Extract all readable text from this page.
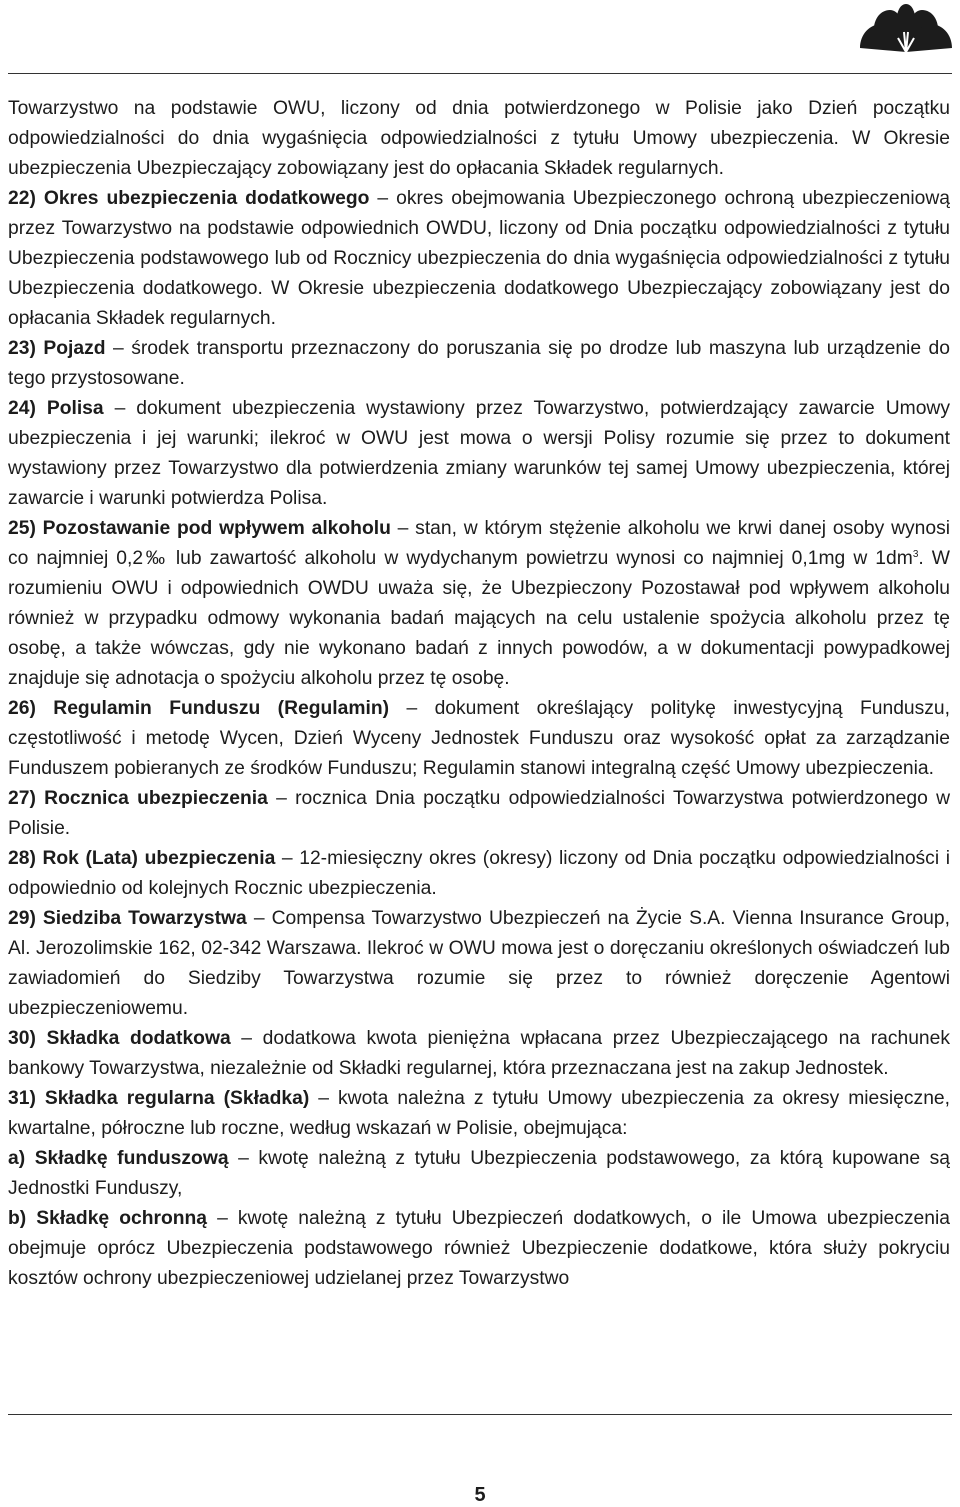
Towarzystwo na podstawie OWU, liczony od dnia potwierdzonego w Polisie jako Dzień początku odpowiedzialności do dnia wygaśnięcia odpowiedzialności z tytułu Umowy ubezpieczenia. W Okresie ubezpieczenia Ubezpieczający zobowiązany jest do opłacania Składek regularnych.

22) Okres ubezpieczenia dodatkowego – okres obejmowania Ubezpieczonego ochroną ubezpieczeniową przez Towarzystwo na podstawie odpowiednich OWDU, liczony od Dnia początku odpowiedzialności z tytułu Ubezpieczenia podstawowego lub od Rocznicy ubezpieczenia do dnia wygaśnięcia odpowiedzialności z tytułu Ubezpieczenia dodatkowego. W Okresie ubezpieczenia dodatkowego Ubezpieczający zobowiązany jest do opłacania Składek regularnych.

23) Pojazd – środek transportu przeznaczony do poruszania się po drodze lub maszyna lub urządzenie do tego przystosowane.

24) Polisa – dokument ubezpieczenia wystawiony przez Towarzystwo, potwierdzający zawarcie Umowy ubezpieczenia i jej warunki; ilekroć w OWU jest mowa o wersji Polisy rozumie się przez to dokument wystawiony przez Towarzystwo dla potwierdzenia zmiany warunków tej samej Umowy ubezpieczenia, której zawarcie i warunki potwierdza Polisa.

25) Pozostawanie pod wpływem alkoholu – stan, w którym stężenie alkoholu we krwi danej osoby wynosi co najmniej 0,2‰ lub zawartość alkoholu w wydychanym powietrzu wynosi co najmniej 0,1mg w $1dm^3$. W rozumieniu OWU i odpowiednich OWDU uważa się, że Ubezpieczony Pozostawał pod wpływem alkoholu również w przypadku odmowy wykonania badań mających na celu ustalenie spożycia alkoholu przez tę osobę, a także wówczas, gdy nie wykonano badań z innych powodów, a w dokumentacji powypadkowej znajduje się adnotacja o spożyciu alkoholu przez tę osobę.

26) Regulamin Funduszu (Regulamin) – dokument określający politykę inwestycyjną Funduszu, częstotliwość i metodę Wycen, Dzień Wyceny Jednostek Funduszu oraz wysokość opłat za zarządzanie Funduszem pobieranych ze środków Funduszu; Regulamin stanowi integralną część Umowy ubezpieczenia.

27) Rocznica ubezpieczenia – rocznica Dnia początku odpowiedzialności Towarzystwa potwierdzonego w Polisie.

28) Rok (Lata) ubezpieczenia – 12-miesięczny okres (okresy) liczony od Dnia początku odpowiedzialności i odpowiednio od kolejnych Rocznic ubezpieczenia.

29) Siedziba Towarzystwa – Compensa Towarzystwo Ubezpieczeń na Życie S.A. Vienna Insurance Group, Al. Jerozolimskie 162, 02-342 Warszawa. Ilekroć w OWU mowa jest o doręczaniu określonych oświadczeń lub zawiadomień do Siedziby Towarzystwa rozumie się przez to również doręczenie Agentowi ubezpieczeniowemu.

30) Składka dodatkowa – dodatkowa kwota pieniężna wpłacana przez Ubezpieczającego na rachunek bankowy Towarzystwa, niezależnie od Składki regularnej, która przeznaczana jest na zakup Jednostek.

31) Składka regularna (Składka) – kwota należna z tytułu Umowy ubezpieczenia za okresy miesięczne, kwartalne, półroczne lub roczne, według wskazań w Polisie, obejmująca:

a) Składkę funduszową – kwotę należną z tytułu Ubezpieczenia podstawowego, za którą kupowane są Jednostki Funduszy,

b) Składkę ochronną – kwotę należną z tytułu Ubezpieczeń dodatkowych, o ile Umowa ubezpieczenia obejmuje oprócz Ubezpieczenia podstawowego również Ubezpieczenie dodatkowe, która służy pokryciu kosztów ochrony ubezpieczeniowej udzielanej przez Towarzystwo

5
